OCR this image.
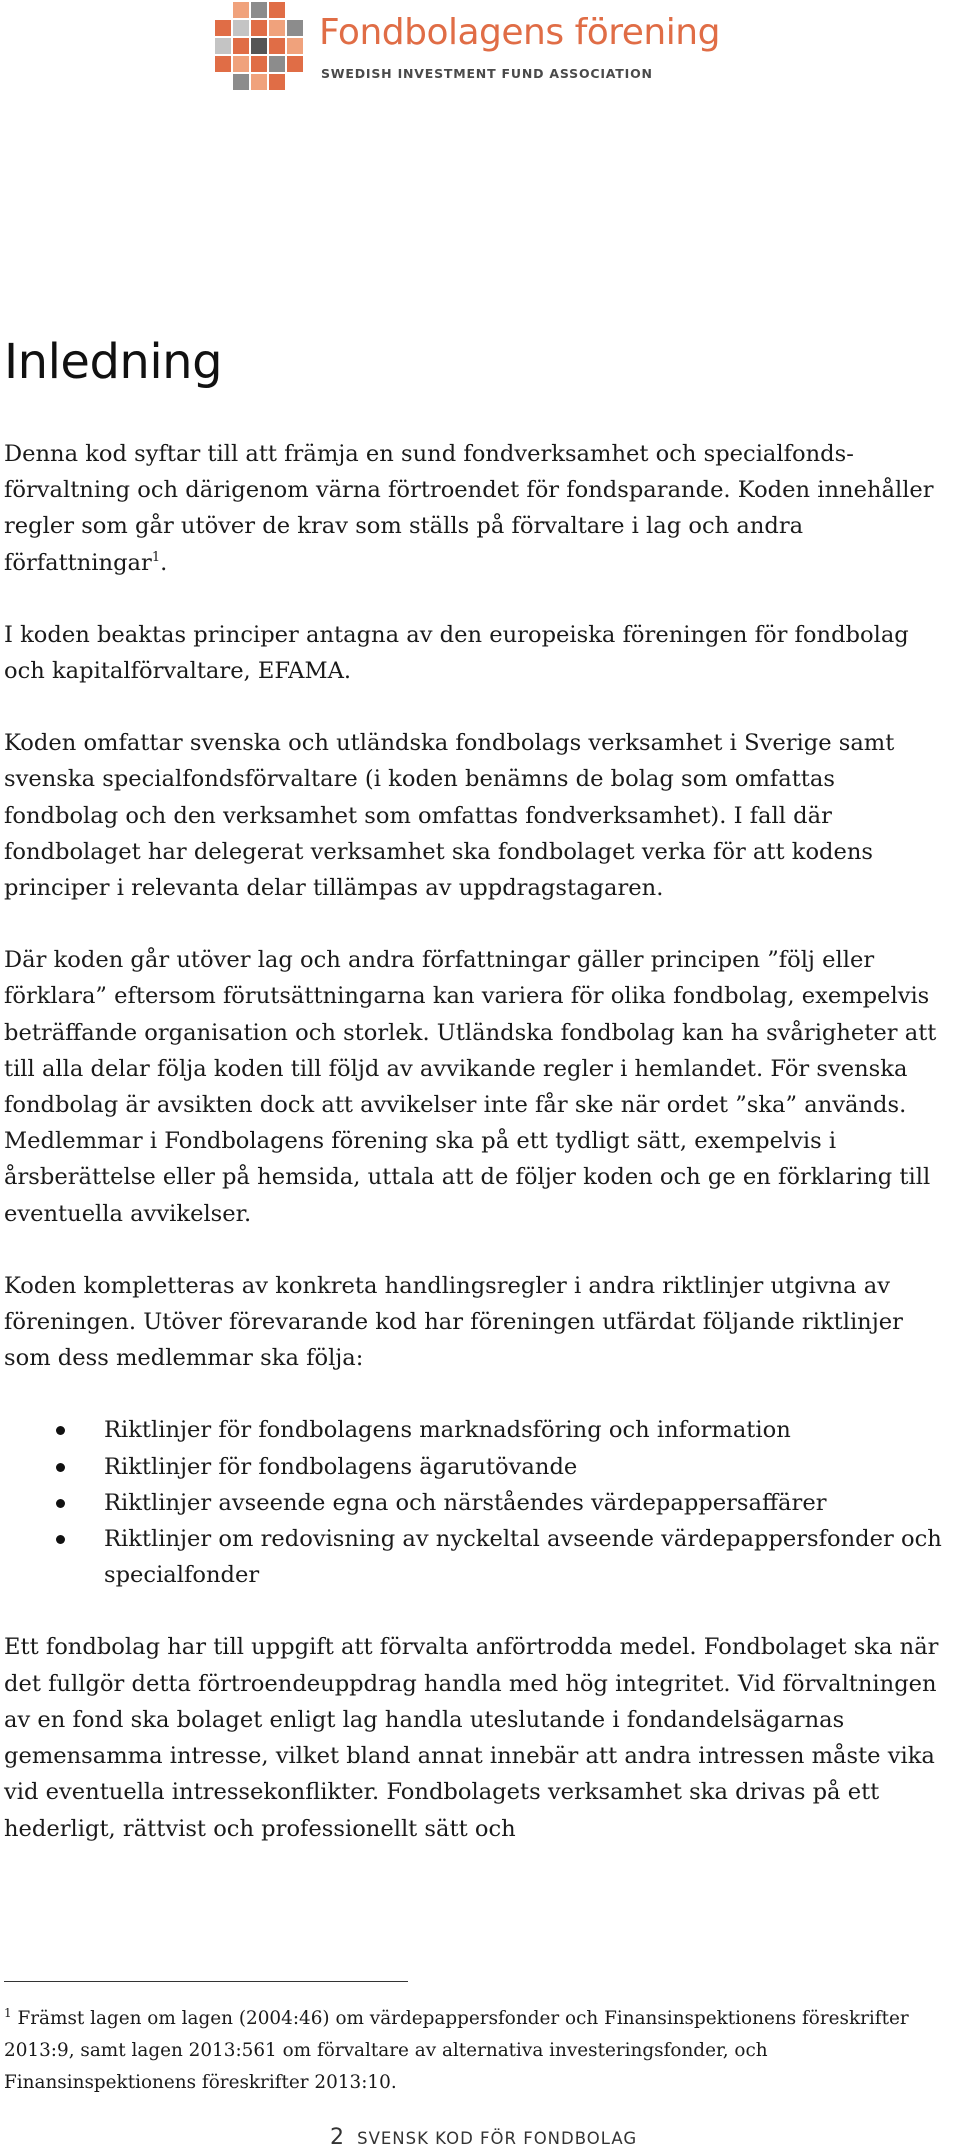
Fondbolagens förening
SWEDISH INVESTMENT FUND ASSOCIATION
Inledning

Denna kod syftar till att främja en sund fondverksamhet och specialfonds-förvaltning och därigenom värna förtroendet för fondsparande. Koden innehåller regler som går utöver de krav som ställs på förvaltare i lag och andra författningar$^1$.

I koden beaktas principer antagna av den europeiska föreningen för fondbolag och kapitalförvaltare, EFAMA.

Koden omfattar svenska och utländska fondbolags verksamhet i Sverige samt svenska specialfondsförvaltare (i koden benämns de bolag som omfattas fondbolag och den verksamhet som omfattas fondverksamhet). I fall där fondbolaget har delegerat verksamhet ska fondbolaget verka för att kodens principer i relevanta delar tillämpas av uppdragstagaren.

Där koden går utöver lag och andra författningar gäller principen ”följ eller förklara” eftersom förutsättningarna kan variera för olika fondbolag, exempelvis beträffande organisation och storlek. Utländska fondbolag kan ha svårigheter att till alla delar följa koden till följd av avvikande regler i hemlandet. För svenska fondbolag är avsikten dock att avvikelser inte får ske när ordet ”ska” används. Medlemmar i Fondbolagens förening ska på ett tydligt sätt, exempelvis i årsberättelse eller på hemsida, uttala att de följer koden och ge en förklaring till eventuella avvikelser.

Koden kompletteras av konkreta handlingsregler i andra riktlinjer utgivna av föreningen. Utöver förevarande kod har föreningen utfärdat följande riktlinjer som dess medlemmar ska följa:

Riktlinjer för fondbolagens marknadsföring och information
Riktlinjer för fondbolagens ägarutövande
Riktlinjer avseende egna och närståendes värdepappersaffärer
Riktlinjer om redovisning av nyckeltal avseende värdepappersfonder och specialfonder

Ett fondbolag har till uppgift att förvalta anförtrodda medel. Fondbolaget ska när det fullgör detta förtroendeuppdrag handla med hög integritet. Vid förvaltningen av en fond ska bolaget enligt lag handla uteslutande i fondandelsägarnas gemensamma intresse, vilket bland annat innebär att andra intressen måste vika vid eventuella intressekonflikter. Fondbolagets verksamhet ska drivas på ett hederligt, rättvist och professionellt sätt och

$^1$ Främst lagen om lagen (2004:46) om värdepappersfonder och Finansinspektionens föreskrifter 2013:9, samt lagen 2013:561 om förvaltare av alternativa investeringsfonder, och Finansinspektionens föreskrifter 2013:10.
2 SVENSK KOD FÖR FONDBOLAG
